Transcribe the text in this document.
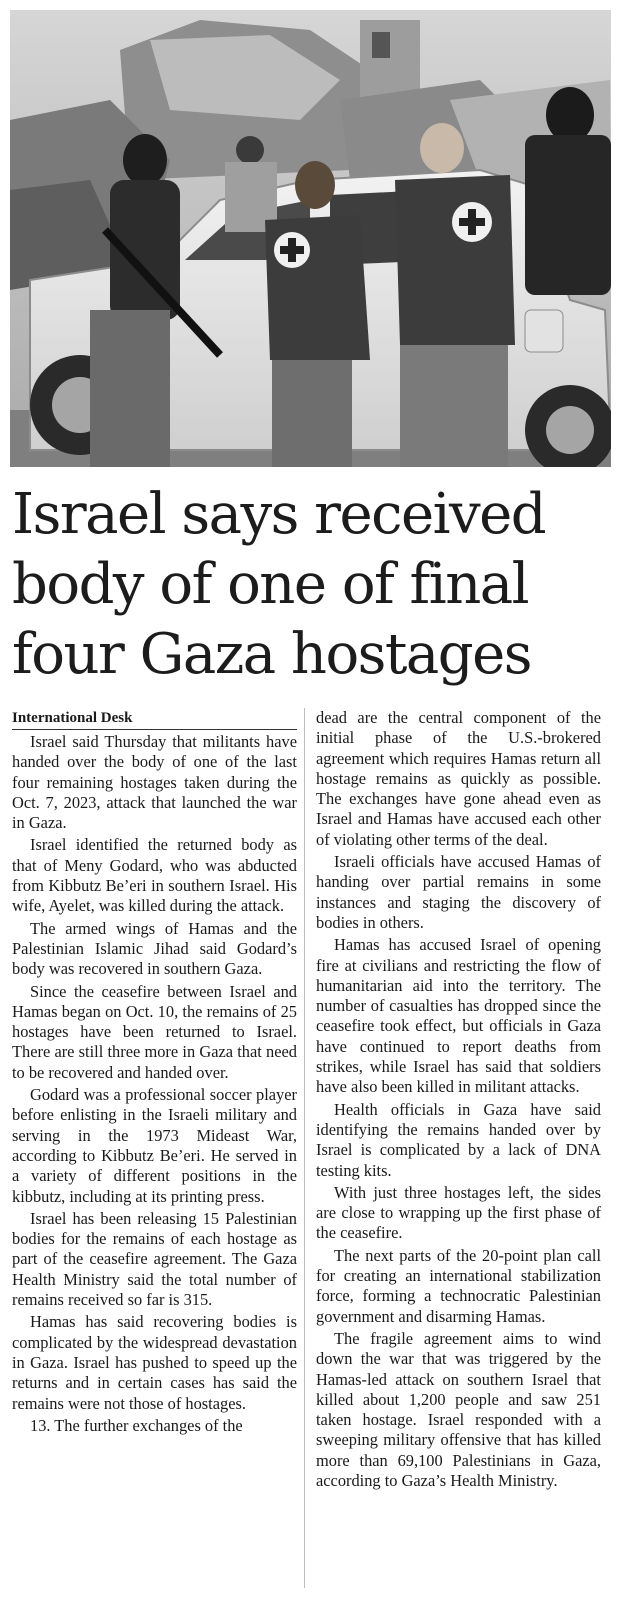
Israel says received body of one of final four Gaza hostages
International Desk

Israel said Thursday that militants have handed over the body of one of the last four remaining hostages taken during the Oct. 7, 2023, attack that launched the war in Gaza.

Israel identified the returned body as that of Meny Godard, who was abducted from Kibbutz Be’eri in southern Israel. His wife, Ayelet, was killed during the attack.

The armed wings of Hamas and the Palestinian Islamic Jihad said Godard’s body was recovered in southern Gaza.

Since the ceasefire between Israel and Hamas began on Oct. 10, the remains of 25 hostages have been returned to Israel. There are still three more in Gaza that need to be recovered and handed over.

Godard was a professional soccer player before enlisting in the Israeli military and serving in the 1973 Mideast War, according to Kibbutz Be’eri. He served in a variety of different positions in the kibbutz, including at its printing press.

Israel has been releasing 15 Palestinian bodies for the remains of each hostage as part of the ceasefire agreement. The Gaza Health Ministry said the total number of remains received so far is 315.

Hamas has said recovering bodies is complicated by the widespread devastation in Gaza. Israel has pushed to speed up the returns and in certain cases has said the remains were not those of hostages.

13. The further exchanges of the

dead are the central component of the initial phase of the U.S.-brokered agreement which requires Hamas return all hostage remains as quickly as possible. The exchanges have gone ahead even as Israel and Hamas have accused each other of violating other terms of the deal.

Israeli officials have accused Hamas of handing over partial remains in some instances and staging the discovery of bodies in others.

Hamas has accused Israel of opening fire at civilians and restricting the flow of humanitarian aid into the territory. The number of casualties has dropped since the ceasefire took effect, but officials in Gaza have continued to report deaths from strikes, while Israel has said that soldiers have also been killed in militant attacks.

Health officials in Gaza have said identifying the remains handed over by Israel is complicated by a lack of DNA testing kits.

With just three hostages left, the sides are close to wrapping up the first phase of the ceasefire.

The next parts of the 20-point plan call for creating an international stabilization force, forming a technocratic Palestinian government and disarming Hamas.

The fragile agreement aims to wind down the war that was triggered by the Hamas-led attack on southern Israel that killed about 1,200 people and saw 251 taken hostage. Israel responded with a sweeping military offensive that has killed more than 69,100 Palestinians in Gaza, according to Gaza’s Health Ministry.
